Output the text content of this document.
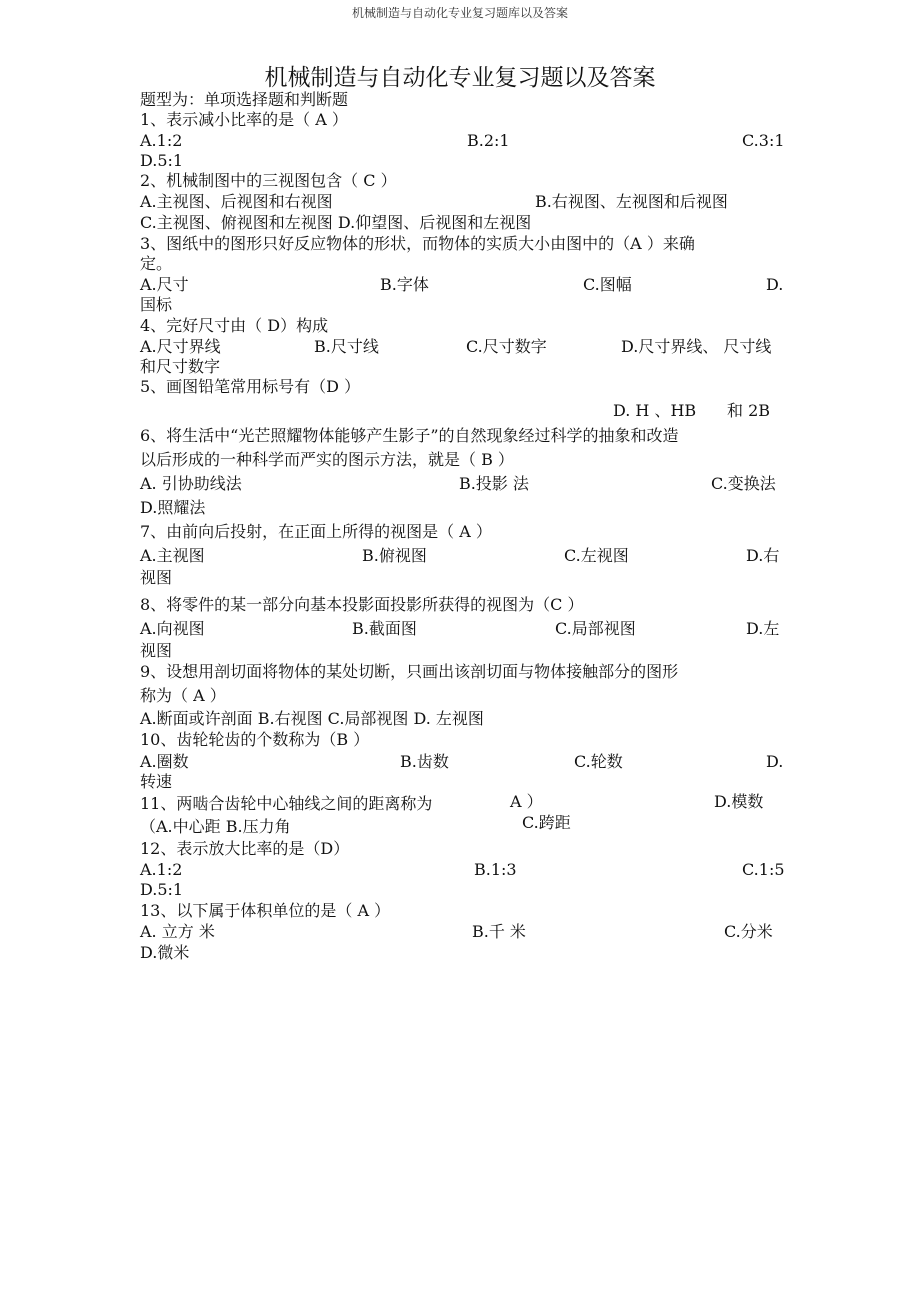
机械制造与自动化专业复习题库以及答案
机械制造与自动化专业复习题以及答案
题型为：单项选择题和判断题
1、表示减小比率的是（ A ）
A.1:2	B.2:1	C.3:1
D.5:1
2、机械制图中的三视图包含（ C ）
A.主视图、后视图和右视图	B.右视图、左视图和后视图
C.主视图、俯视图和左视图 D.仰望图、后视图和左视图
3、图纸中的图形只好反应物体的形状，而物体的实质大小由图中的（A ）来确
定。
A.尺寸	B.字体	C.图幅	D.
国标
4、完好尺寸由（ D）构成
A.尺寸界线	B.尺寸线	C.尺寸数字	D.尺寸界线、 尺寸线
和尺寸数字
5、画图铅笔常用标号有（D ）
D. H 、HB 和 2B
6、将生活中“光芒照耀物体能够产生影子”的自然现象经过科学的抽象和改造
以后形成的一种科学而严实的图示方法，就是（ B ）
A. 引协助线法	B.投影 法	C.变换法
D.照耀法
7、由前向后投射，在正面上所得的视图是（ A ）
A.主视图	B.俯视图	C.左视图	D.右
视图
8、将零件的某一部分向基本投影面投影所获得的视图为（C ）
A.向视图	B.截面图	C.局部视图	D.左
视图
9、设想用剖切面将物体的某处切断，只画出该剖切面与物体接触部分的图形
称为（ A ）
A.断面或许剖面 B.右视图 C.局部视图 D. 左视图
10、齿轮轮齿的个数称为（B ）
A.圈数	B.齿数	C.轮数	D.
转速
11、两啮合齿轮中心轴线之间的距离称为	A ）	D.模数
（A.中心距 B.压力角	C.跨距
12、表示放大比率的是（D）
A.1:2	B.1:3	C.1:5
D.5:1
13、以下属于体积单位的是（ A ）
A. 立方 米	B.千 米	C.分米
D.微米
